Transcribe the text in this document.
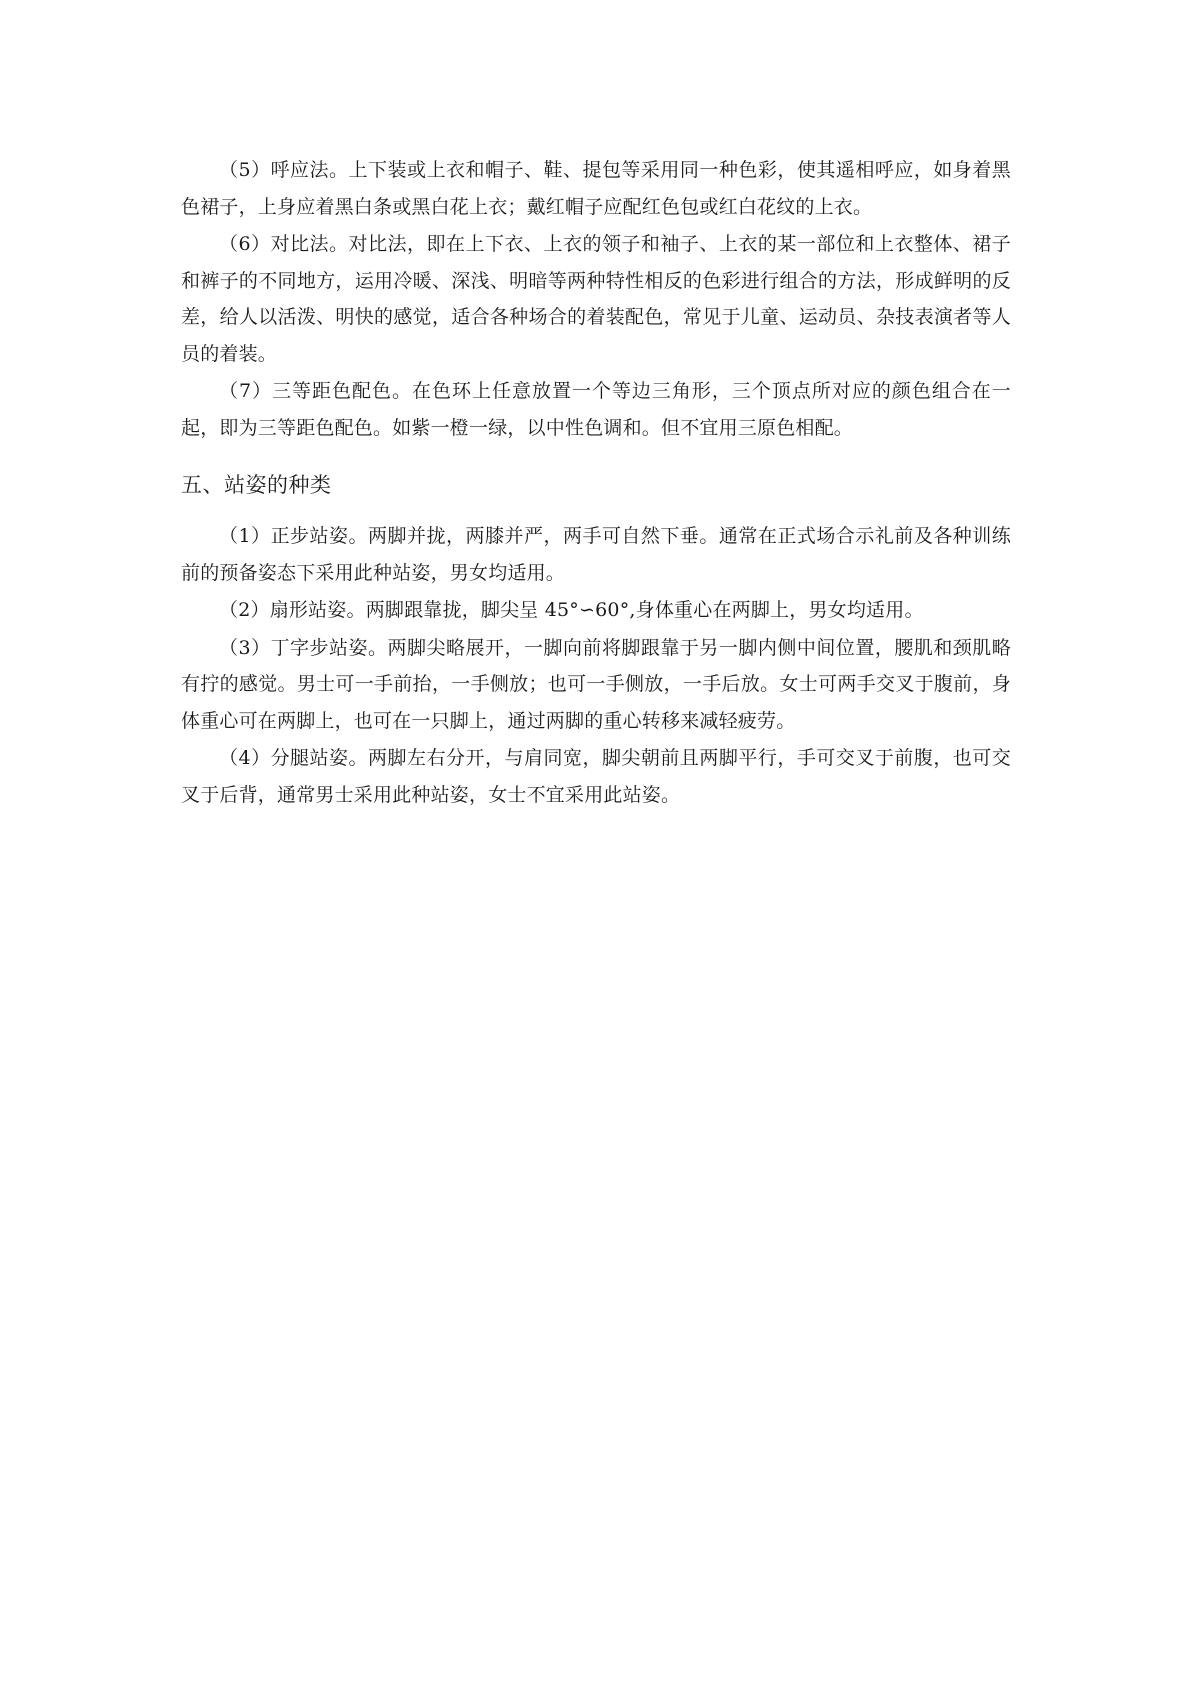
（5）呼应法。上下装或上衣和帽子、鞋、提包等采用同一种色彩，使其遥相呼应，如身着黑色裙子，上身应着黑白条或黑白花上衣；戴红帽子应配红色包或红白花纹的上衣。

（6）对比法。对比法，即在上下衣、上衣的领子和袖子、上衣的某一部位和上衣整体、裙子和裤子的不同地方，运用冷暖、深浅、明暗等两种特性相反的色彩进行组合的方法，形成鲜明的反差，给人以活泼、明快的感觉，适合各种场合的着装配色，常见于儿童、运动员、杂技表演者等人员的着装。

（7）三等距色配色。在色环上任意放置一个等边三角形，三个顶点所对应的颜色组合在一起，即为三等距色配色。如紫一橙一绿，以中性色调和。但不宜用三原色相配。

五、站姿的种类

（1）正步站姿。两脚并拢，两膝并严，两手可自然下垂。通常在正式场合示礼前及各种训练前的预备姿态下采用此种站姿，男女均适用。

（2）扇形站姿。两脚跟靠拢，脚尖呈 45°∽60°,身体重心在两脚上，男女均适用。

（3）丁字步站姿。两脚尖略展开，一脚向前将脚跟靠于另一脚内侧中间位置，腰肌和颈肌略有拧的感觉。男士可一手前抬，一手侧放；也可一手侧放，一手后放。女士可两手交叉于腹前，身体重心可在两脚上，也可在一只脚上，通过两脚的重心转移来减轻疲劳。

（4）分腿站姿。两脚左右分开，与肩同宽，脚尖朝前且两脚平行，手可交叉于前腹，也可交叉于后背，通常男士采用此种站姿，女士不宜采用此站姿。
